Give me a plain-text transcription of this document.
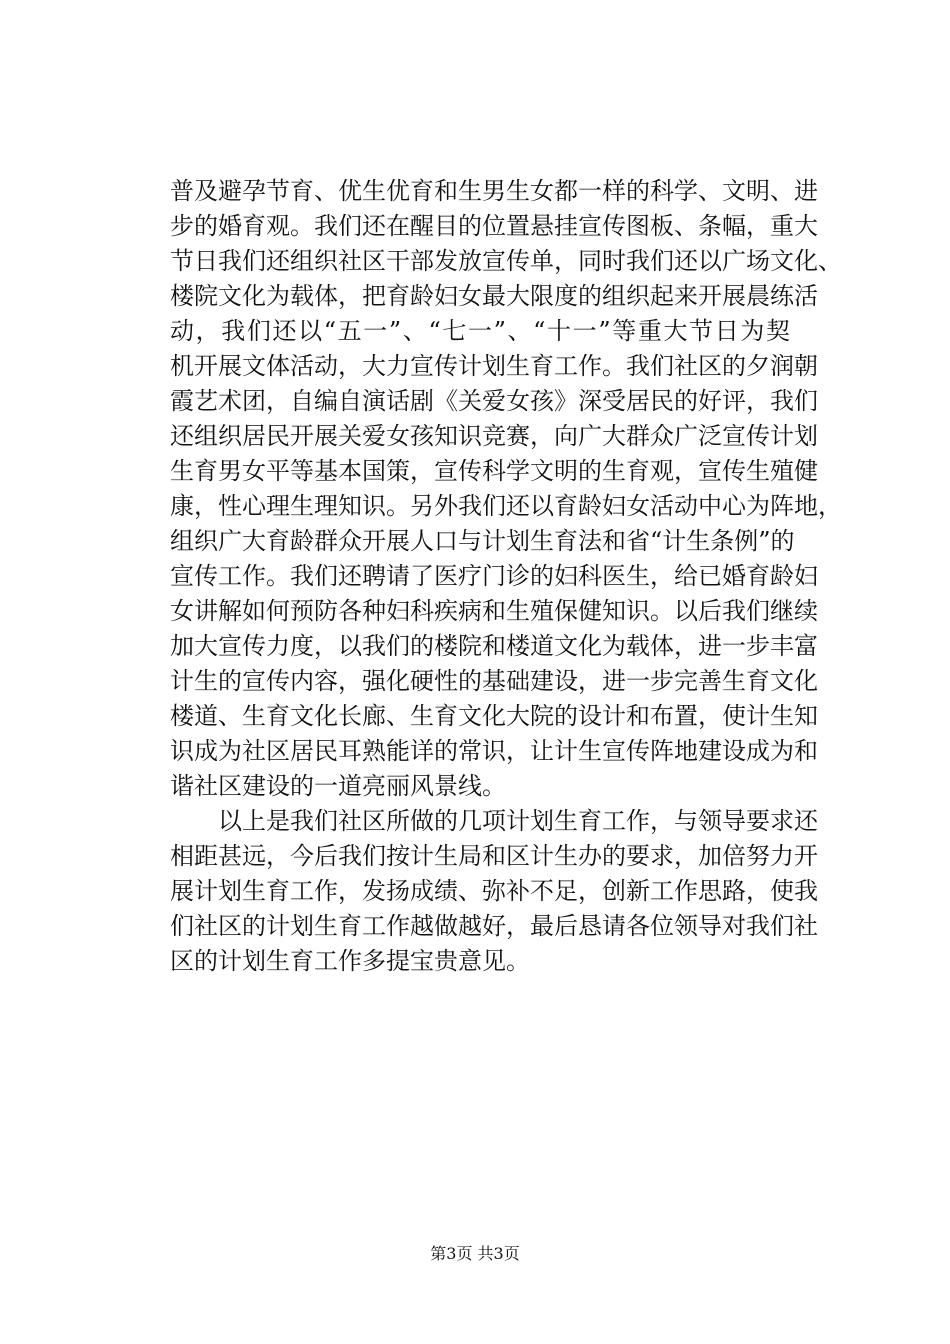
普及避孕节育、优生优育和生男生女都一样的科学、文明、进
步的婚育观。我们还在醒目的位置悬挂宣传图板、条幅，重大
节日我们还组织社区干部发放宣传单，同时我们还以广场文化、
楼院文化为载体，把育龄妇女最大限度的组织起来开展晨练活
动，我们还以“五一”、“七一”、“十一”等重大节日为契
机开展文体活动，大力宣传计划生育工作。我们社区的夕润朝
霞艺术团，自编自演话剧《关爱女孩》深受居民的好评，我们
还组织居民开展关爱女孩知识竞赛，向广大群众广泛宣传计划
生育男女平等基本国策，宣传科学文明的生育观，宣传生殖健
康，性心理生理知识。另外我们还以育龄妇女活动中心为阵地，
组织广大育龄群众开展人口与计划生育法和省“计生条例”的
宣传工作。我们还聘请了医疗门诊的妇科医生，给已婚育龄妇
女讲解如何预防各种妇科疾病和生殖保健知识。以后我们继续
加大宣传力度，以我们的楼院和楼道文化为载体，进一步丰富
计生的宣传内容，强化硬性的基础建设，进一步完善生育文化
楼道、生育文化长廊、生育文化大院的设计和布置，使计生知
识成为社区居民耳熟能详的常识，让计生宣传阵地建设成为和
谐社区建设的一道亮丽风景线。
以上是我们社区所做的几项计划生育工作，与领导要求还
相距甚远，今后我们按计生局和区计生办的要求，加倍努力开
展计划生育工作，发扬成绩、弥补不足，创新工作思路，使我
们社区的计划生育工作越做越好，最后恳请各位领导对我们社
区的计划生育工作多提宝贵意见。
第3页 共3页
